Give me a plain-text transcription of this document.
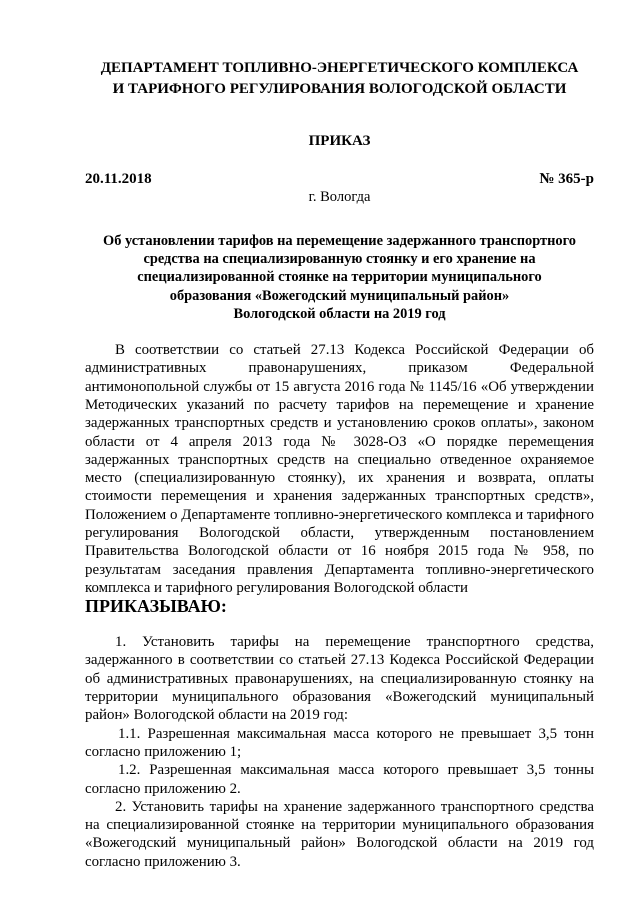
ДЕПАРТАМЕНТ ТОПЛИВНО-ЭНЕРГЕТИЧЕСКОГО КОМПЛЕКСА
И ТАРИФНОГО РЕГУЛИРОВАНИЯ ВОЛОГОДСКОЙ ОБЛАСТИ
ПРИКАЗ
20.11.2018	№ 365-р
г. Вологда
Об установлении тарифов на перемещение задержанного транспортного
средства на специализированную стоянку и его хранение на
специализированной стоянке на территории муниципального
образования «Вожегодский муниципальный район»
Вологодской области на 2019 год

В соответствии со статьей 27.13 Кодекса Российской Федерации об административных правонарушениях, приказом Федеральной антимонопольной службы от 15 августа 2016 года № 1145/16 «Об утверждении Методических указаний по расчету тарифов на перемещение и хранение задержанных транспортных средств и установлению сроков оплаты», законом области от 4 апреля 2013 года № 3028-ОЗ «О порядке перемещения задержанных транспортных средств на специально отведенное охраняемое место (специализированную стоянку), их хранения и возврата, оплаты стоимости перемещения и хранения задержанных транспортных средств», Положением о Департаменте топливно-энергетического комплекса и тарифного регулирования Вологодской области, утвержденным постановлением Правительства Вологодской области от 16 ноября 2015 года № 958, по результатам заседания правления Департамента топливно-энергетического комплекса и тарифного регулирования Вологодской области

ПРИКАЗЫВАЮ:

1. Установить тарифы на перемещение транспортного средства, задержанного в соответствии со статьей 27.13 Кодекса Российской Федерации об административных правонарушениях, на специализированную стоянку на территории муниципального образования «Вожегодский муниципальный район» Вологодской области на 2019 год:

1.1. Разрешенная максимальная масса которого не превышает 3,5 тонн согласно приложению 1;

1.2. Разрешенная максимальная масса которого превышает 3,5 тонны согласно приложению 2.

2. Установить тарифы на хранение задержанного транспортного средства на специализированной стоянке на территории муниципального образования «Вожегодский муниципальный район» Вологодской области на 2019 год согласно приложению 3.
